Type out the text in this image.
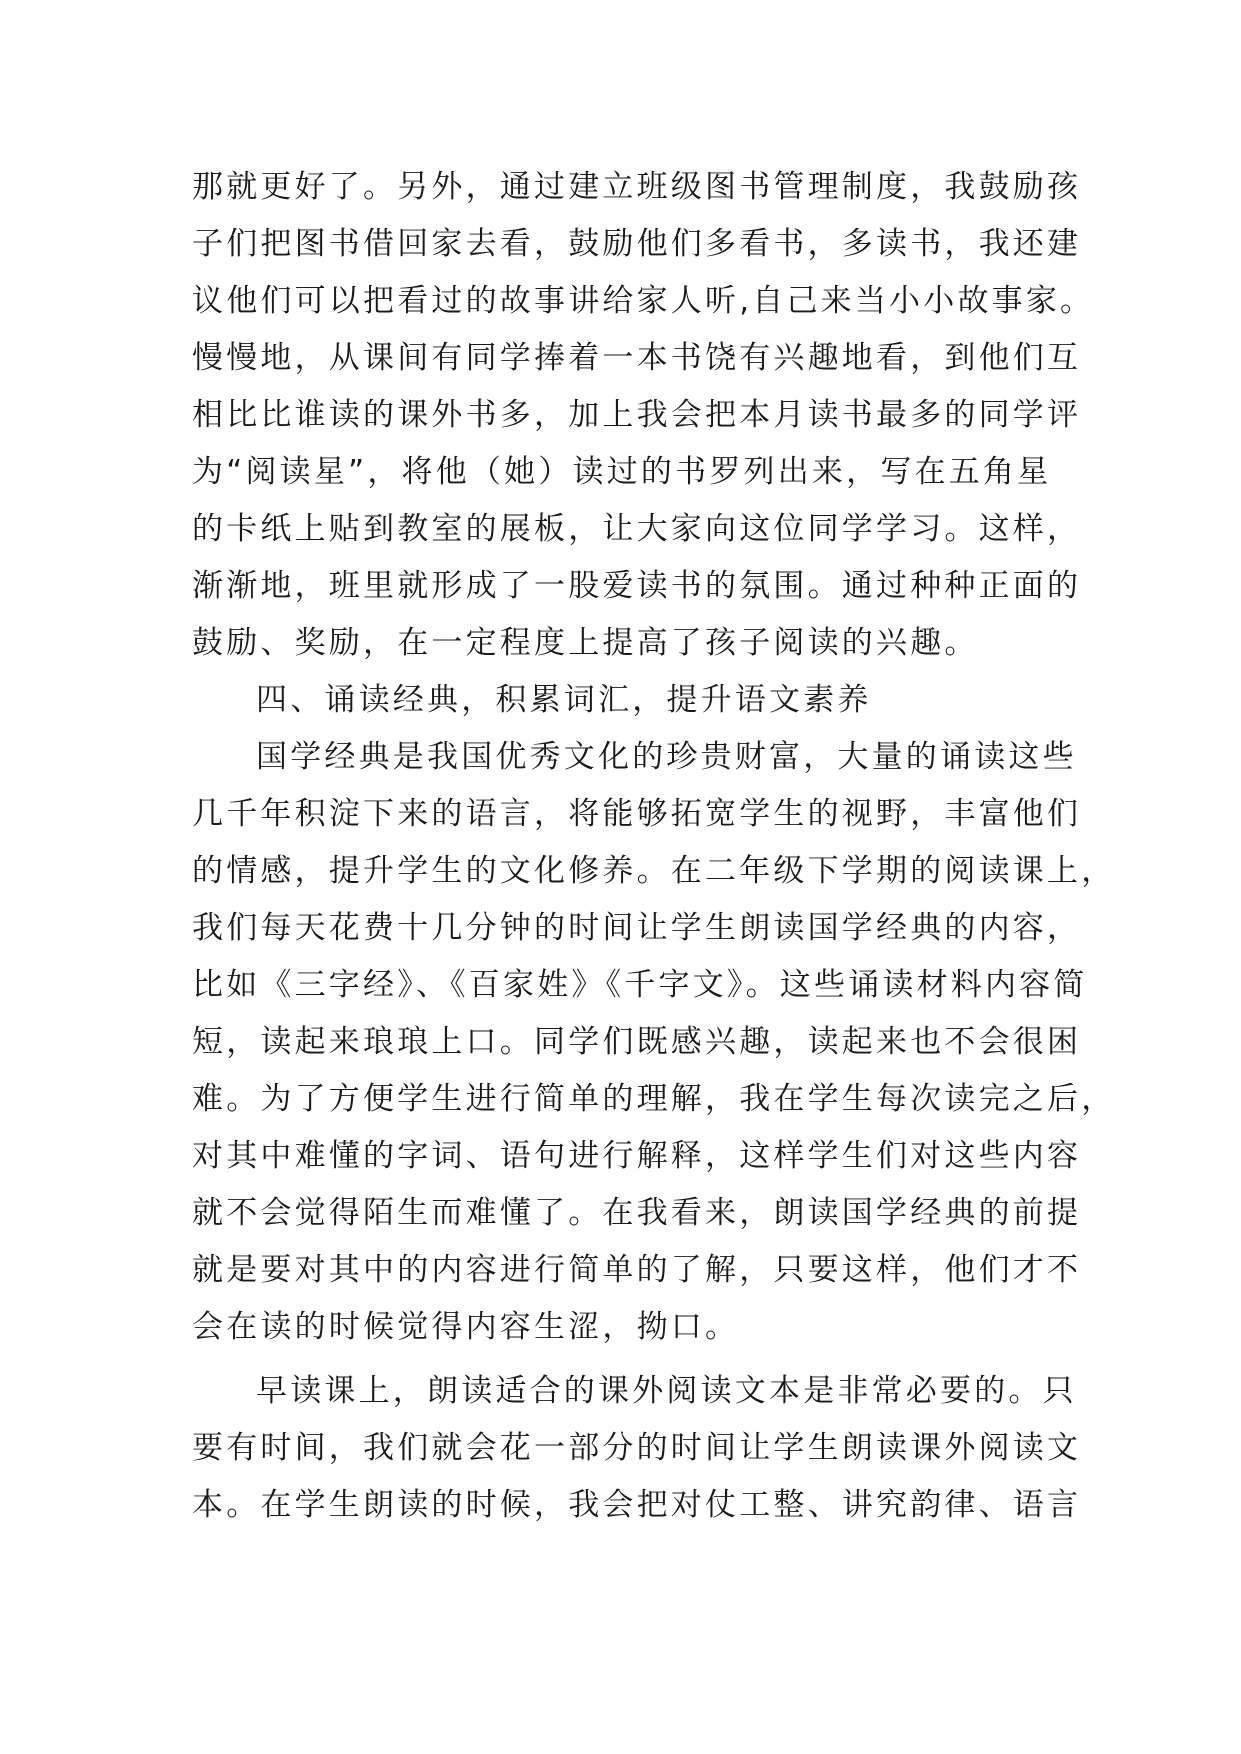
那就更好了。另外，通过建立班级图书管理制度，我鼓励孩
子们把图书借回家去看，鼓励他们多看书，多读书，我还建
议他们可以把看过的故事讲给家人听,自己来当小小故事家。
慢慢地，从课间有同学捧着一本书饶有兴趣地看，到他们互
相比比谁读的课外书多，加上我会把本月读书最多的同学评
为“阅读星”，将他（她）读过的书罗列出来，写在五角星
的卡纸上贴到教室的展板，让大家向这位同学学习。这样，
渐渐地，班里就形成了一股爱读书的氛围。通过种种正面的
鼓励、奖励，在一定程度上提高了孩子阅读的兴趣。
四、诵读经典，积累词汇，提升语文素养
国学经典是我国优秀文化的珍贵财富，大量的诵读这些
几千年积淀下来的语言，将能够拓宽学生的视野，丰富他们
的情感，提升学生的文化修养。在二年级下学期的阅读课上，
我们每天花费十几分钟的时间让学生朗读国学经典的内容，
比如《三字经》、《百家姓》《千字文》。这些诵读材料内容简
短，读起来琅琅上口。同学们既感兴趣，读起来也不会很困
难。为了方便学生进行简单的理解，我在学生每次读完之后，
对其中难懂的字词、语句进行解释，这样学生们对这些内容
就不会觉得陌生而难懂了。在我看来，朗读国学经典的前提
就是要对其中的内容进行简单的了解，只要这样，他们才不
会在读的时候觉得内容生涩，拗口。
早读课上，朗读适合的课外阅读文本是非常必要的。只
要有时间，我们就会花一部分的时间让学生朗读课外阅读文
本。在学生朗读的时候，我会把对仗工整、讲究韵律、语言
